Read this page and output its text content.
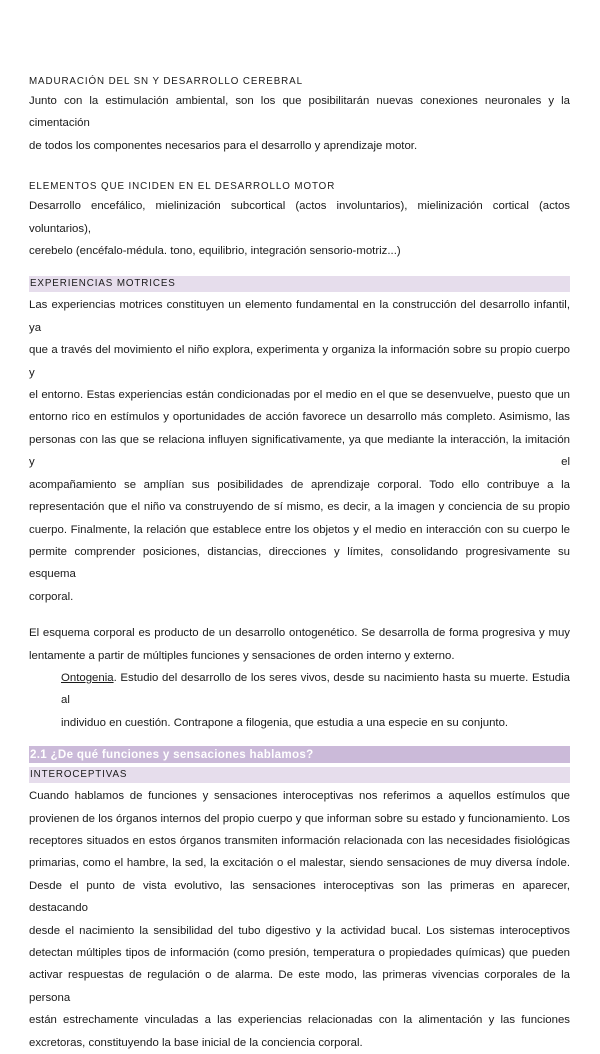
MADURACIÓN DEL SN Y DESARROLLO CEREBRAL

Junto con la estimulación ambiental, son los que posibilitarán nuevas conexiones neuronales y la cimentación

de todos los componentes necesarios para el desarrollo y aprendizaje motor.

ELEMENTOS QUE INCIDEN EN EL DESARROLLO MOTOR

Desarrollo encefálico, mielinización subcortical (actos involuntarios), mielinización cortical (actos voluntarios),

cerebelo (encéfalo-médula. tono, equilibrio, integración sensorio-motriz...)

EXPERIENCIAS MOTRICES

Las experiencias motrices constituyen un elemento fundamental en la construcción del desarrollo infantil, ya

que a través del movimiento el niño explora, experimenta y organiza la información sobre su propio cuerpo y

el entorno. Estas experiencias están condicionadas por el medio en el que se desenvuelve, puesto que un

entorno rico en estímulos y oportunidades de acción favorece un desarrollo más completo. Asimismo, las

personas con las que se relaciona influyen significativamente, ya que mediante la interacción, la imitación y el

acompañamiento se amplían sus posibilidades de aprendizaje corporal. Todo ello contribuye a la

representación que el niño va construyendo de sí mismo, es decir, a la imagen y conciencia de su propio

cuerpo. Finalmente, la relación que establece entre los objetos y el medio en interacción con su cuerpo le

permite comprender posiciones, distancias, direcciones y límites, consolidando progresivamente su esquema

corporal.

El esquema corporal es producto de un desarrollo ontogenético. Se desarrolla de forma progresiva y muy

lentamente a partir de múltiples funciones y sensaciones de orden interno y externo.

Ontogenia. Estudio del desarrollo de los seres vivos, desde su nacimiento hasta su muerte. Estudia al

individuo en cuestión. Contrapone a filogenia, que estudia a una especie en su conjunto.

2.1 ¿De qué funciones y sensaciones hablamos?

INTEROCEPTIVAS

Cuando hablamos de funciones y sensaciones interoceptivas nos referimos a aquellos estímulos que

provienen de los órganos internos del propio cuerpo y que informan sobre su estado y funcionamiento. Los

receptores situados en estos órganos transmiten información relacionada con las necesidades fisiológicas

primarias, como el hambre, la sed, la excitación o el malestar, siendo sensaciones de muy diversa índole.

Desde el punto de vista evolutivo, las sensaciones interoceptivas son las primeras en aparecer, destacando

desde el nacimiento la sensibilidad del tubo digestivo y la actividad bucal. Los sistemas interoceptivos

detectan múltiples tipos de información (como presión, temperatura o propiedades químicas) que pueden

activar respuestas de regulación o de alarma. De este modo, las primeras vivencias corporales de la persona

están estrechamente vinculadas a las experiencias relacionadas con la alimentación y las funciones

excretoras, constituyendo la base inicial de la conciencia corporal.
